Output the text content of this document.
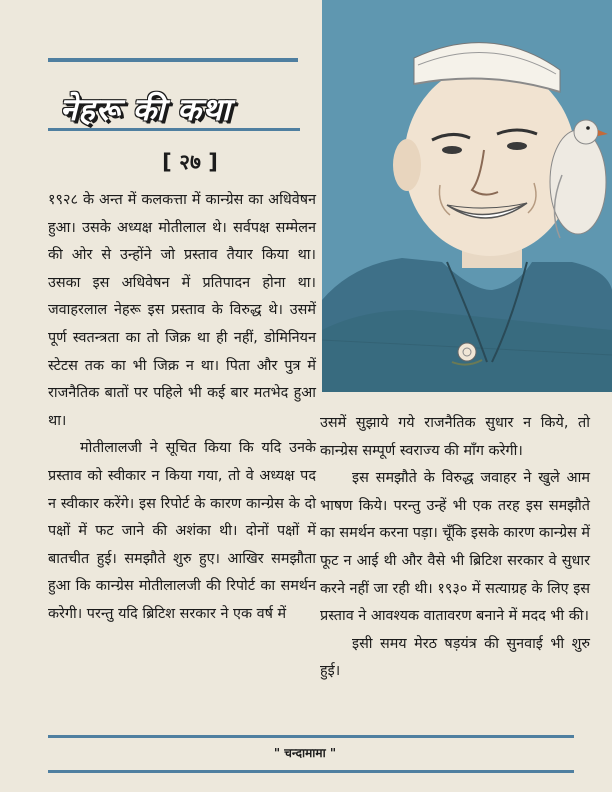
नेहरू की कथा
[ २७ ]

१९२८ के अन्त में कलकत्ता में कान्ग्रेस का अधिवेषन हुआ। उसके अध्यक्ष मोतीलाल थे। सर्वपक्ष सम्मेलन की ओर से उन्होंने जो प्रस्ताव तैयार किया था। उसका इस अधिवेषन में प्रतिपादन होना था। जवाहरलाल नेहरू इस प्रस्ताव के विरुद्ध थे। उसमें पूर्ण स्वतन्त्रता का तो जिक्र था ही नहीं, डोमिनियन स्टेटस तक का भी जिक्र न था। पिता और पुत्र में राजनैतिक बातों पर पहिले भी कई बार मतभेद हुआ था।

मोतीलालजी ने सूचित किया कि यदि उनके प्रस्ताव को स्वीकार न किया गया, तो वे अध्यक्ष पद न स्वीकार करेंगे। इस रिपोर्ट के कारण कान्ग्रेस के दो पक्षों में फट जाने की अशंका थी। दोनों पक्षों में बातचीत हुई। समझौते शुरु हुए। आखिर समझौता हुआ कि कान्ग्रेस मोतीलालजी की रिपोर्ट का समर्थन करेगी। परन्तु यदि ब्रिटिश सरकार ने एक वर्ष में

उसमें सुझाये गये राजनैतिक सुधार न किये, तो कान्ग्रेस सम्पूर्ण स्वराज्य की माँग करेगी।

इस समझौते के विरुद्ध जवाहर ने खुले आम भाषण किये। परन्तु उन्हें भी एक तरह इस समझौते का समर्थन करना पड़ा। चूँकि इसके कारण कान्ग्रेस में फूट न आई थी और वैसे भी ब्रिटिश सरकार वे सुधार करने नहीं जा रही थी। १९३० में सत्याग्रह के लिए इस प्रस्ताव ने आवश्यक वातावरण बनाने में मदद भी की।

इसी समय मेरठ षड़यंत्र की सुनवाई भी शुरु हुई।

" चन्दामामा "
